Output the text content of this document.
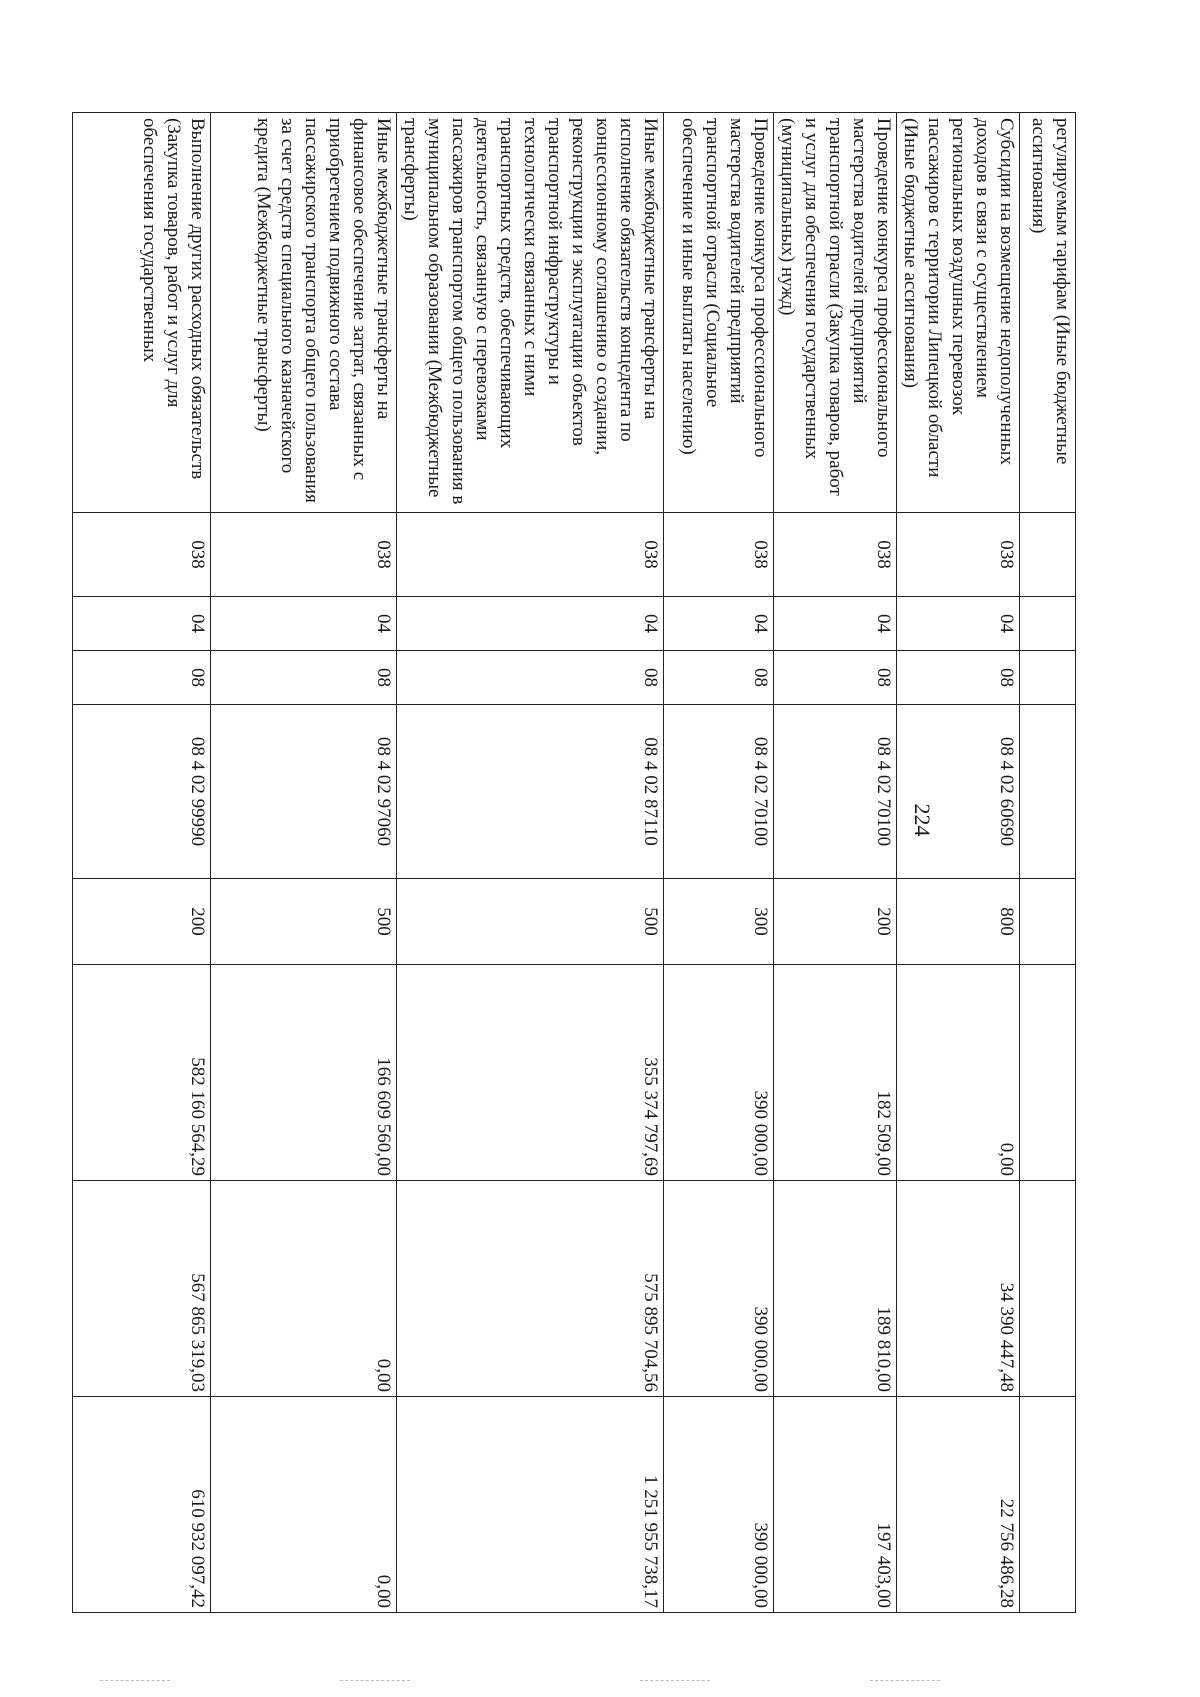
224
регулируемым тарифам (Иные бюджетные ассигнования)								
Субсидии на возмещение недополученных доходов в связи с осуществлением региональных воздушных перевозок пассажиров с территории Липецкой области (Иные бюджетные ассигнования)	038	04	08	08 4 02 60690	800	0,00	34 390 447,48	22 756 486,28
Проведение конкурса профессионального мастерства водителей предприятий транспортной отрасли (Закупка товаров, работ и услуг для обеспечения государственных (муниципальных) нужд)	038	04	08	08 4 02 70100	200	182 509,00	189 810,00	197 403,00
Проведение конкурса профессионального мастерства водителей предприятий транспортной отрасли (Социальное обеспечение и иные выплаты населению)	038	04	08	08 4 02 70100	300	390 000,00	390 000,00	390 000,00
Иные межбюджетные трансферты на исполнение обязательств концедента по концессионному соглашению о создании, реконструкции и эксплуатации объектов транспортной инфраструктуры и технологически связанных с ними транспортных средств, обеспечивающих деятельность, связанную с перевозками пассажиров транспортом общего пользования в муниципальном образовании (Межбюджетные трансферты)	038	04	08	08 4 02 87110	500	355 374 797,69	575 895 704,56	1 251 955 738,17
Иные межбюджетные трансферты на финансовое обеспечение затрат, связанных с приобретением подвижного состава пассажирского транспорта общего пользования за счет средств специального казначейского кредита (Межбюджетные трансферты)	038	04	08	08 4 02 97060	500	166 609 560,00	0,00	0,00
Выполнение других расходных обязательств (Закупка товаров, работ и услуг для обеспечения государственных	038	04	08	08 4 02 99990	200	582 160 564,29	567 865 319,03	610 932 097,42
